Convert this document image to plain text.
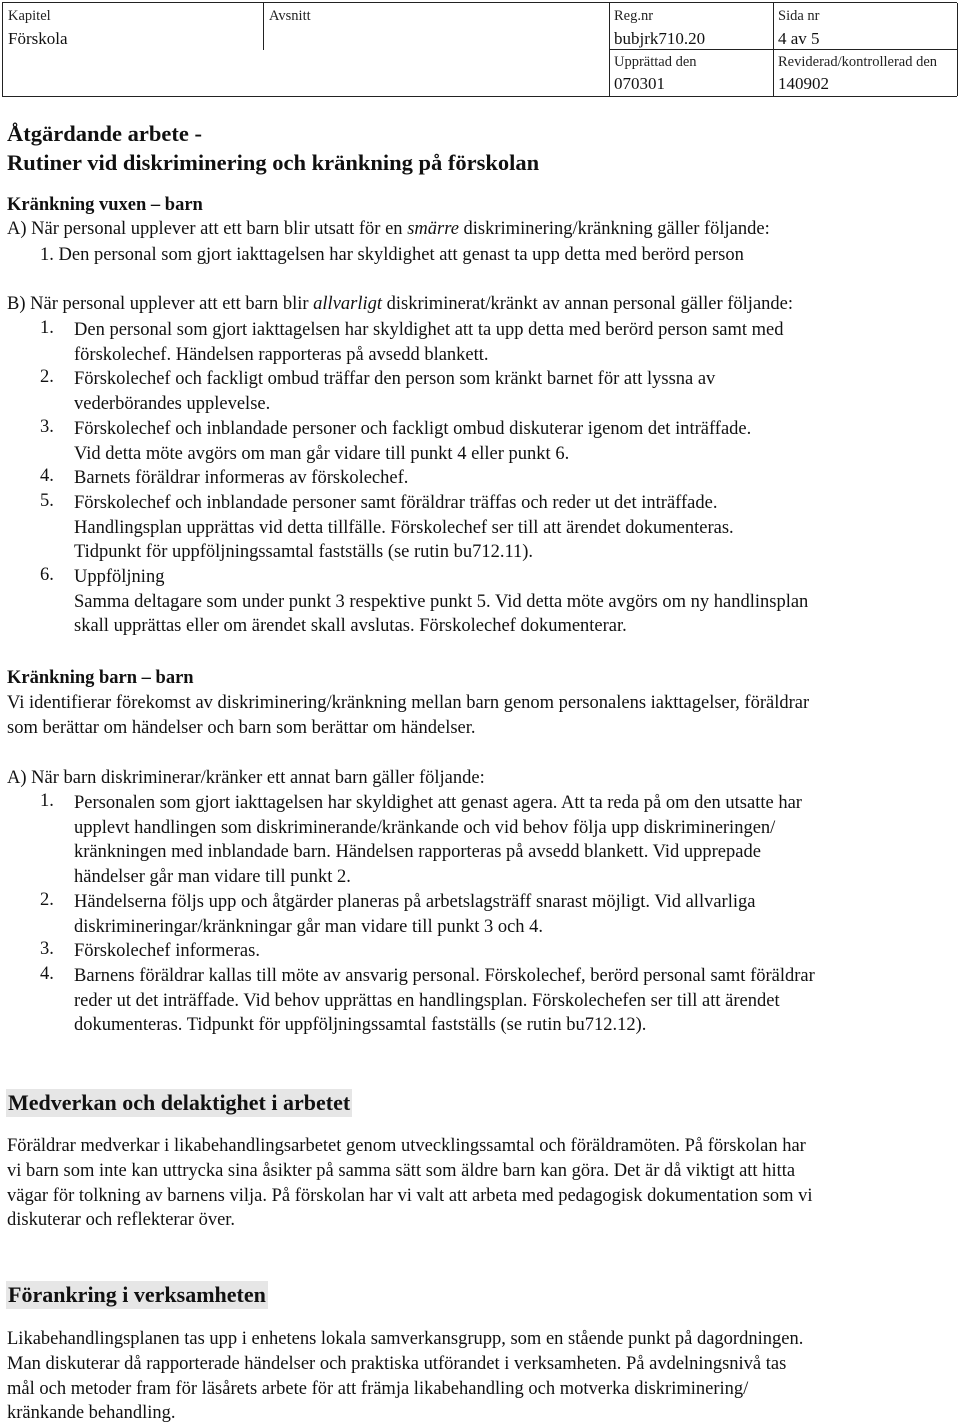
Kapitel
Förskola
Avsnitt	Reg.nr
bubjrk710.20
Sida nr
4 av 5
Upprättad den
070301
Reviderad/kontrollerad den
140902
Åtgärdande arbete -
Rutiner vid diskriminering och kränkning på förskolan
Kränkning vuxen – barn
A) När personal upplever att ett barn blir utsatt för en smärre diskriminering/kränkning gäller följande:
1. Den personal som gjort iakttagelsen har skyldighet att genast ta upp detta med berörd person
B) När personal upplever att ett barn blir allvarligt diskriminerat/kränkt av annan personal gäller följande:
1. Den personal som gjort iakttagelsen har skyldighet att ta upp detta med berörd person samt med
förskolechef. Händelsen rapporteras på avsedd blankett.
2. Förskolechef och fackligt ombud träffar den person som kränkt barnet för att lyssna av
vederbörandes upplevelse.
3. Förskolechef och inblandade personer och fackligt ombud diskuterar igenom det inträffade.
Vid detta möte avgörs om man går vidare till punkt 4 eller punkt 6.
4. Barnets föräldrar informeras av förskolechef.
5. Förskolechef och inblandade personer samt föräldrar träffas och reder ut det inträffade.
Handlingsplan upprättas vid detta tillfälle. Förskolechef ser till att ärendet dokumenteras.
Tidpunkt för uppföljningssamtal fastställs (se rutin bu712.11).
6. Uppföljning
Samma deltagare som under punkt 3 respektive punkt 5. Vid detta möte avgörs om ny handlinsplan
skall upprättas eller om ärendet skall avslutas. Förskolechef dokumenterar.
Kränkning barn – barn
Vi identifierar förekomst av diskriminering/kränkning mellan barn genom personalens iakttagelser, föräldrar
som berättar om händelser och barn som berättar om händelser.
A) När barn diskriminerar/kränker ett annat barn gäller följande:
1. Personalen som gjort iakttagelsen har skyldighet att genast agera. Att ta reda på om den utsatte har
upplevt handlingen som diskriminerande/kränkande och vid behov följa upp diskrimineringen/
kränkningen med inblandade barn. Händelsen rapporteras på avsedd blankett. Vid upprepade
händelser går man vidare till punkt 2.
2. Händelserna följs upp och åtgärder planeras på arbetslagsträff snarast möjligt. Vid allvarliga
diskrimineringar/kränkningar går man vidare till punkt 3 och 4.
3. Förskolechef informeras.
4. Barnens föräldrar kallas till möte av ansvarig personal. Förskolechef, berörd personal samt föräldrar
reder ut det inträffade. Vid behov upprättas en handlingsplan. Förskolechefen ser till att ärendet
dokumenteras. Tidpunkt för uppföljningssamtal fastställs (se rutin bu712.12).
Medverkan och delaktighet i arbetet
Föräldrar medverkar i likabehandlingsarbetet genom utvecklingssamtal och föräldramöten. På förskolan har
vi barn som inte kan uttrycka sina åsikter på samma sätt som äldre barn kan göra. Det är då viktigt att hitta
vägar för tolkning av barnens vilja. På förskolan har vi valt att arbeta med pedagogisk dokumentation som vi
diskuterar och reflekterar över.
Förankring i verksamheten
Likabehandlingsplanen tas upp i enhetens lokala samverkansgrupp, som en stående punkt på dagordningen.
Man diskuterar då rapporterade händelser och praktiska utförandet i verksamheten. På avdelningsnivå tas
mål och metoder fram för läsårets arbete för att främja likabehandling och motverka diskriminering/
kränkande behandling.
